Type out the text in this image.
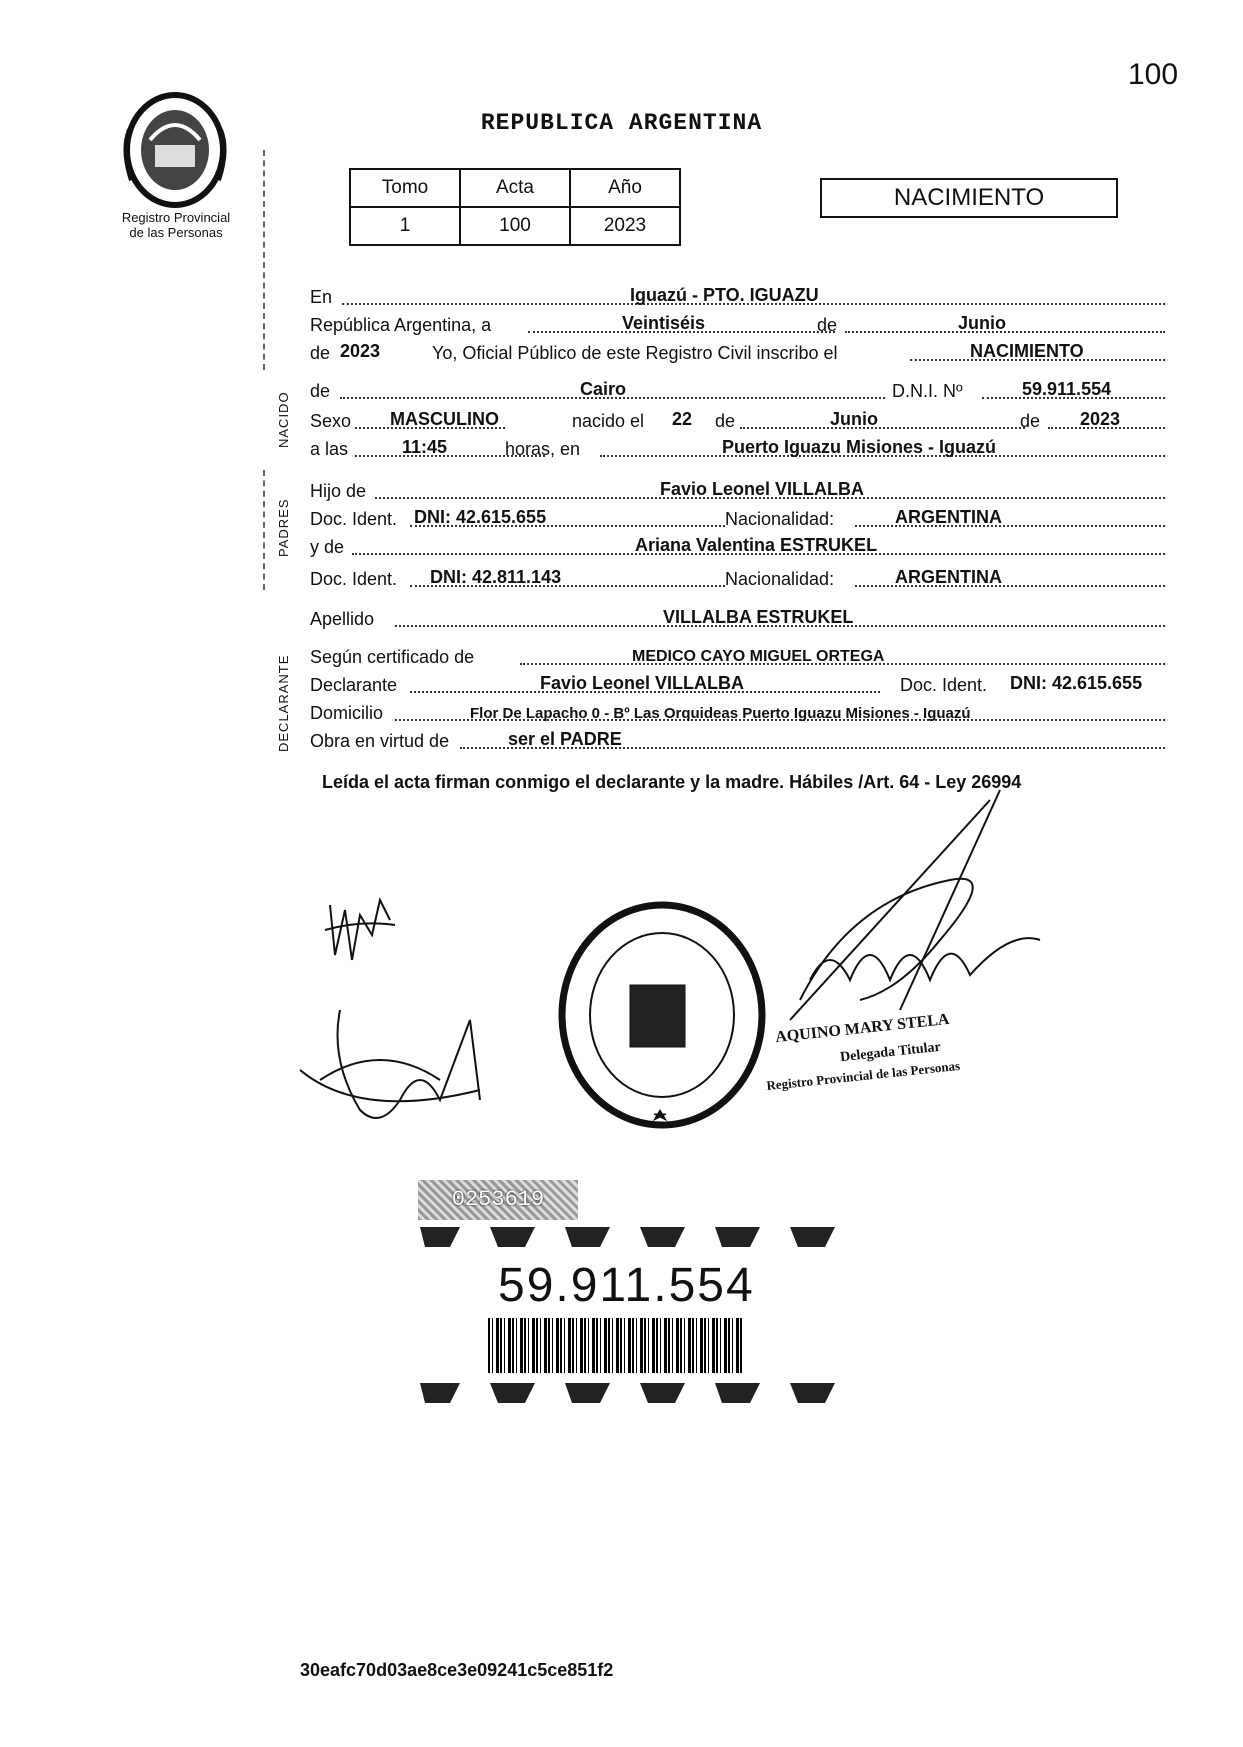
100
REPUBLICA ARGENTINA
Registro Provincial
de las Personas
Tomo	Acta	Año
1	100	2023
NACIMIENTO
NACIDO
PADRES
DECLARANTE
En	Iguazú - PTO. IGUAZU
República Argentina, a	Veintiséis	de	Junio
de 2023	Yo, Oficial Público de este Registro Civil inscribo el	NACIMIENTO
de	Cairo	D.N.I. Nº	59.911.554
Sexo MASCULINO	nacido el 22 de	Junio	de 2023
a las	11:45	horas, en	Puerto Iguazu Misiones - Iguazú
Hijo de	Favio Leonel VILLALBA
Doc. Ident. DNI: 42.615.655	Nacionalidad:	ARGENTINA
y de	Ariana Valentina ESTRUKEL
Doc. Ident. DNI: 42.811.143	Nacionalidad:	ARGENTINA
Apellido	VILLALBA ESTRUKEL
Según certificado de	MEDICO CAYO MIGUEL ORTEGA
Declarante	Favio Leonel VILLALBA	Doc. Ident. DNI: 42.615.655
Domicilio	Flor De Lapacho 0 - Bº Las Orquideas Puerto Iguazu Misiones - Iguazú
Obra en virtud de	ser el PADRE
Leída el acta firman conmigo el declarante y la madre. Hábiles /Art. 64 - Ley 26994
AQUINO MARY STELA
Delegada Titular
Registro Provincial de las Personas
0253619
59.911.554
30eafc70d03ae8ce3e09241c5ce851f2
